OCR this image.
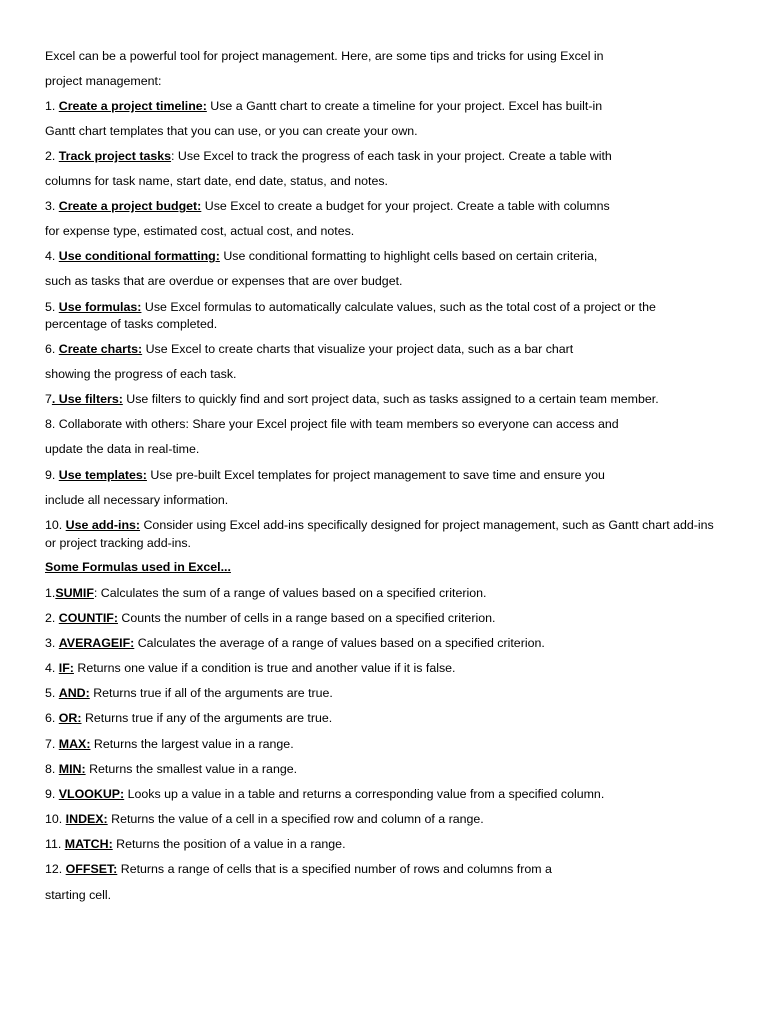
Excel can be a powerful tool for project management. Here, are some tips and tricks for using Excel in
project management:
1. Create a project timeline: Use a Gantt chart to create a timeline for your project. Excel has built-in
Gantt chart templates that you can use, or you can create your own.
2. Track project tasks: Use Excel to track the progress of each task in your project. Create a table with
columns for task name, start date, end date, status, and notes.
3. Create a project budget: Use Excel to create a budget for your project. Create a table with columns
for expense type, estimated cost, actual cost, and notes.
4. Use conditional formatting: Use conditional formatting to highlight cells based on certain criteria,
such as tasks that are overdue or expenses that are over budget.
5. Use formulas: Use Excel formulas to automatically calculate values, such as the total cost of a project or the
percentage of tasks completed.
6. Create charts: Use Excel to create charts that visualize your project data, such as a bar chart
showing the progress of each task.
7. Use filters: Use filters to quickly find and sort project data, such as tasks assigned to a certain team member.
8. Collaborate with others: Share your Excel project file with team members so everyone can access and
update the data in real-time.
9. Use templates: Use pre-built Excel templates for project management to save time and ensure you
include all necessary information.
10. Use add-ins: Consider using Excel add-ins specifically designed for project management, such as Gantt chart add-ins
or project tracking add-ins.
Some Formulas used in Excel...
1.SUMIF: Calculates the sum of a range of values based on a specified criterion.
2. COUNTIF: Counts the number of cells in a range based on a specified criterion.
3. AVERAGEIF: Calculates the average of a range of values based on a specified criterion.
4. IF: Returns one value if a condition is true and another value if it is false.
5. AND: Returns true if all of the arguments are true.
6. OR: Returns true if any of the arguments are true.
7. MAX: Returns the largest value in a range.
8. MIN: Returns the smallest value in a range.
9. VLOOKUP: Looks up a value in a table and returns a corresponding value from a specified column.
10. INDEX: Returns the value of a cell in a specified row and column of a range.
11. MATCH: Returns the position of a value in a range.
12. OFFSET: Returns a range of cells that is a specified number of rows and columns from a
starting cell.
